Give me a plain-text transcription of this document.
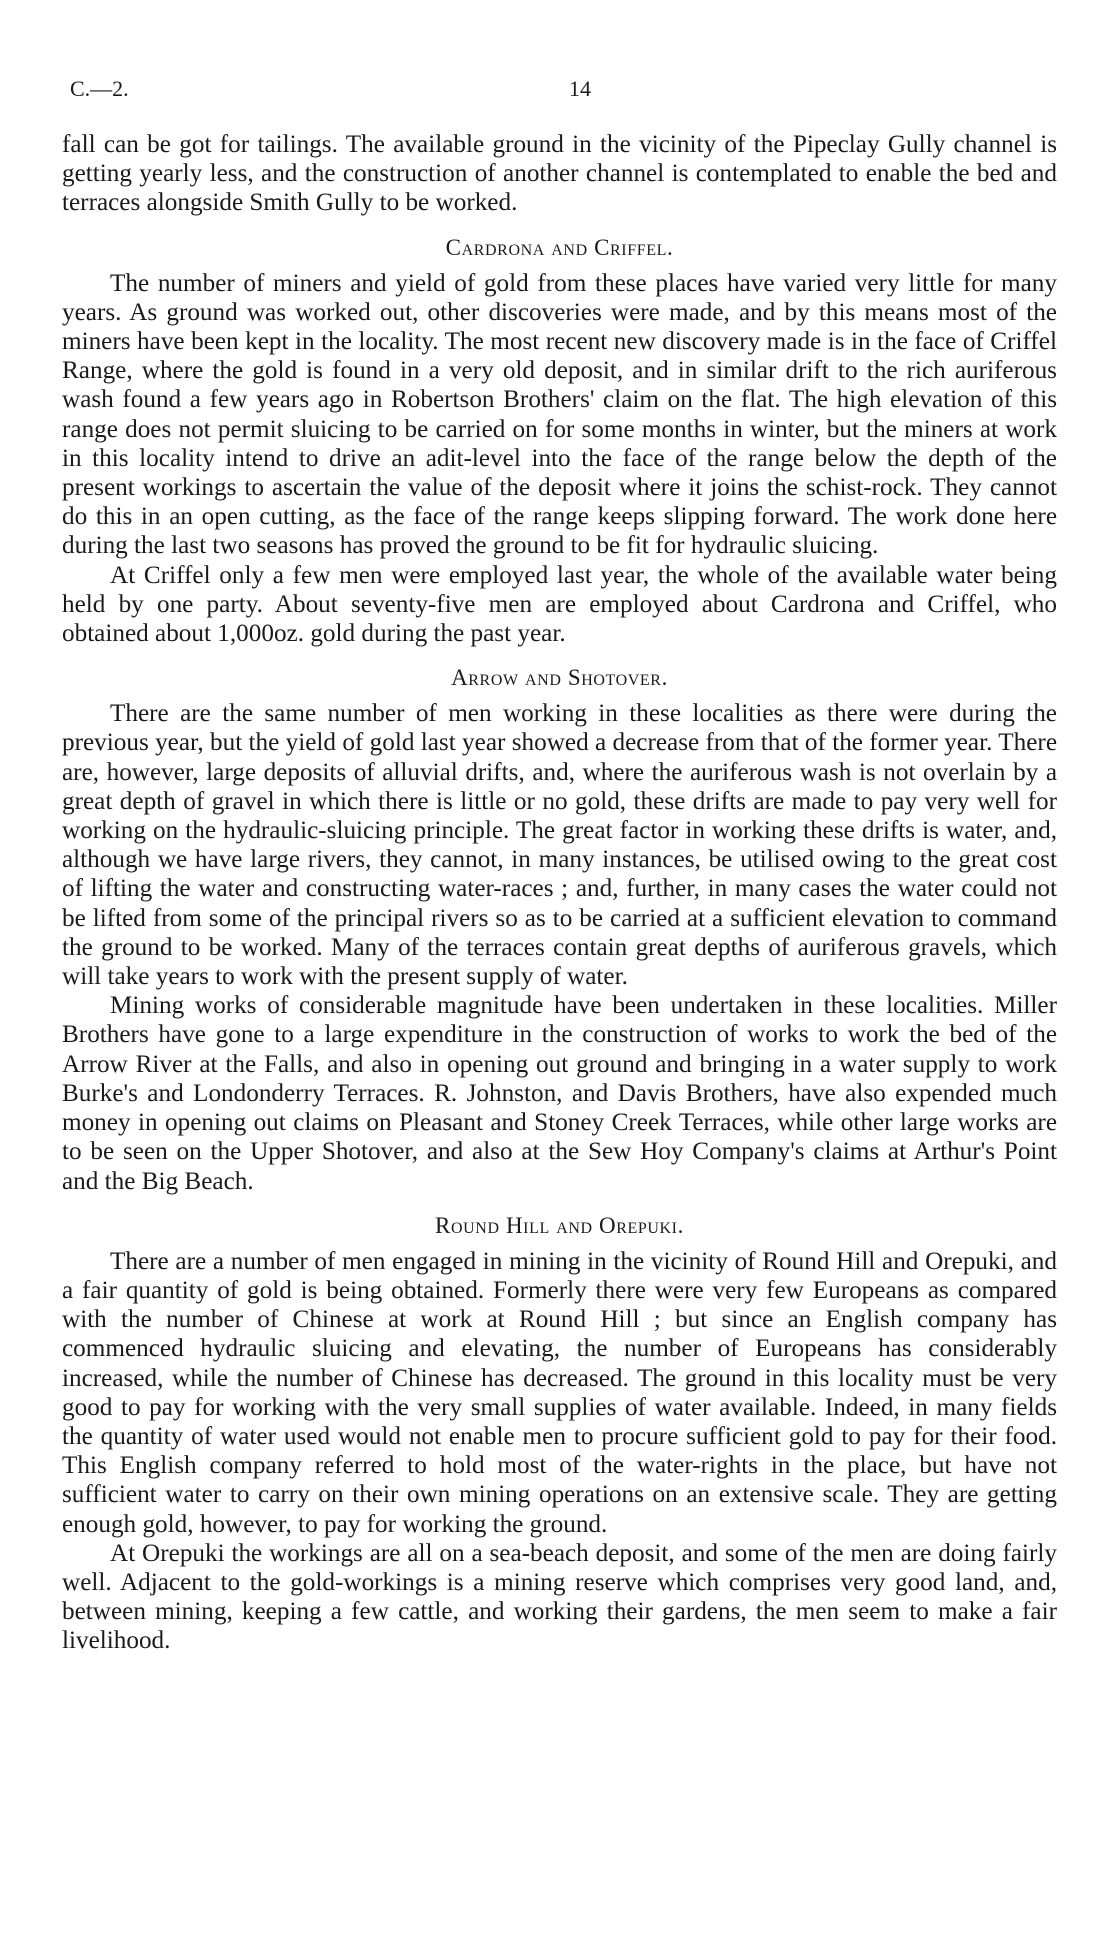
C.—2.	14

fall can be got for tailings. The available ground in the vicinity of the Pipeclay Gully channel is getting yearly less, and the construction of another channel is contemplated to enable the bed and terraces alongside Smith Gully to be worked.

Cardrona and Criffel.

The number of miners and yield of gold from these places have varied very little for many years. As ground was worked out, other discoveries were made, and by this means most of the miners have been kept in the locality. The most recent new discovery made is in the face of Criffel Range, where the gold is found in a very old deposit, and in similar drift to the rich auriferous wash found a few years ago in Robertson Brothers' claim on the flat. The high elevation of this range does not permit sluicing to be carried on for some months in winter, but the miners at work in this locality intend to drive an adit-level into the face of the range below the depth of the present workings to ascertain the value of the deposit where it joins the schist-rock. They cannot do this in an open cutting, as the face of the range keeps slipping forward. The work done here during the last two seasons has proved the ground to be fit for hydraulic sluicing.

At Criffel only a few men were employed last year, the whole of the available water being held by one party. About seventy-five men are employed about Cardrona and Criffel, who obtained about 1,000oz. gold during the past year.

Arrow and Shotover.

There are the same number of men working in these localities as there were during the previous year, but the yield of gold last year showed a decrease from that of the former year. There are, however, large deposits of alluvial drifts, and, where the auriferous wash is not overlain by a great depth of gravel in which there is little or no gold, these drifts are made to pay very well for working on the hydraulic-sluicing principle. The great factor in working these drifts is water, and, although we have large rivers, they cannot, in many instances, be utilised owing to the great cost of lifting the water and constructing water-races ; and, further, in many cases the water could not be lifted from some of the principal rivers so as to be carried at a sufficient elevation to command the ground to be worked. Many of the terraces contain great depths of auriferous gravels, which will take years to work with the present supply of water.

Mining works of considerable magnitude have been undertaken in these localities. Miller Brothers have gone to a large expenditure in the construction of works to work the bed of the Arrow River at the Falls, and also in opening out ground and bringing in a water supply to work Burke's and Londonderry Terraces. R. Johnston, and Davis Brothers, have also expended much money in opening out claims on Pleasant and Stoney Creek Terraces, while other large works are to be seen on the Upper Shotover, and also at the Sew Hoy Company's claims at Arthur's Point and the Big Beach.

Round Hill and Orepuki.

There are a number of men engaged in mining in the vicinity of Round Hill and Orepuki, and a fair quantity of gold is being obtained. Formerly there were very few Europeans as compared with the number of Chinese at work at Round Hill ; but since an English company has commenced hydraulic sluicing and elevating, the number of Europeans has considerably increased, while the number of Chinese has decreased. The ground in this locality must be very good to pay for working with the very small supplies of water available. Indeed, in many fields the quantity of water used would not enable men to procure sufficient gold to pay for their food. This English company referred to hold most of the water-rights in the place, but have not sufficient water to carry on their own mining operations on an extensive scale. They are getting enough gold, however, to pay for working the ground.

At Orepuki the workings are all on a sea-beach deposit, and some of the men are doing fairly well. Adjacent to the gold-workings is a mining reserve which comprises very good land, and, between mining, keeping a few cattle, and working their gardens, the men seem to make a fair livelihood.
